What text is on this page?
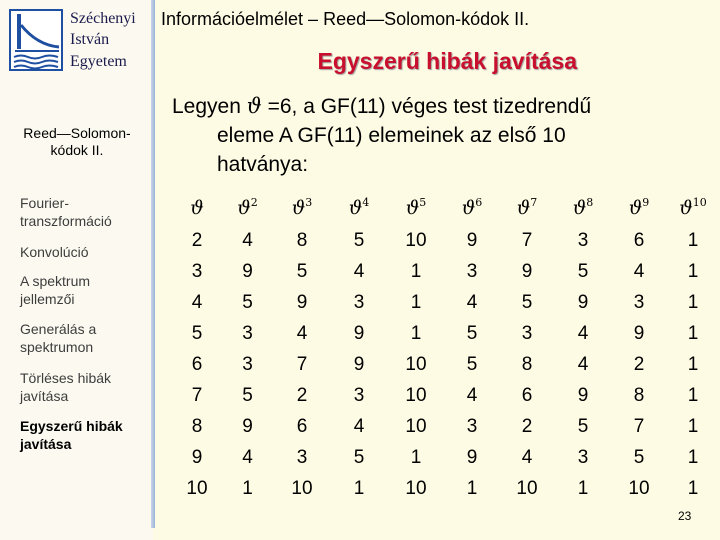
Széchenyi
István
Egyetem
Reed—Solomon-kódok II.
Fourier-transzformáció
Konvolúció
A spektrum jellemzői
Generálás a spektrumon
Törléses hibák javítása
Egyszerű hibák javítása
Információelmélet – Reed—Solomon-kódok II.
Egyszerű hibák javítása
Legyen ϑ =6, a GF(11) véges test tizedrendű
eleme A GF(11) elemeinek az első 10
hatványa:
ϑ	$ϑ^2$	$ϑ^3$	$ϑ^4$	$ϑ^5$	$ϑ^6$	$ϑ^7$	$ϑ^8$	$ϑ^9$	$ϑ^{10}$
2	4	8	5	10	9	7	3	6	1
3	9	5	4	1	3	9	5	4	1
4	5	9	3	1	4	5	9	3	1
5	3	4	9	1	5	3	4	9	1
6	3	7	9	10	5	8	4	2	1
7	5	2	3	10	4	6	9	8	1
8	9	6	4	10	3	2	5	7	1
9	4	3	5	1	9	4	3	5	1
10	1	10	1	10	1	10	1	10	1
23
